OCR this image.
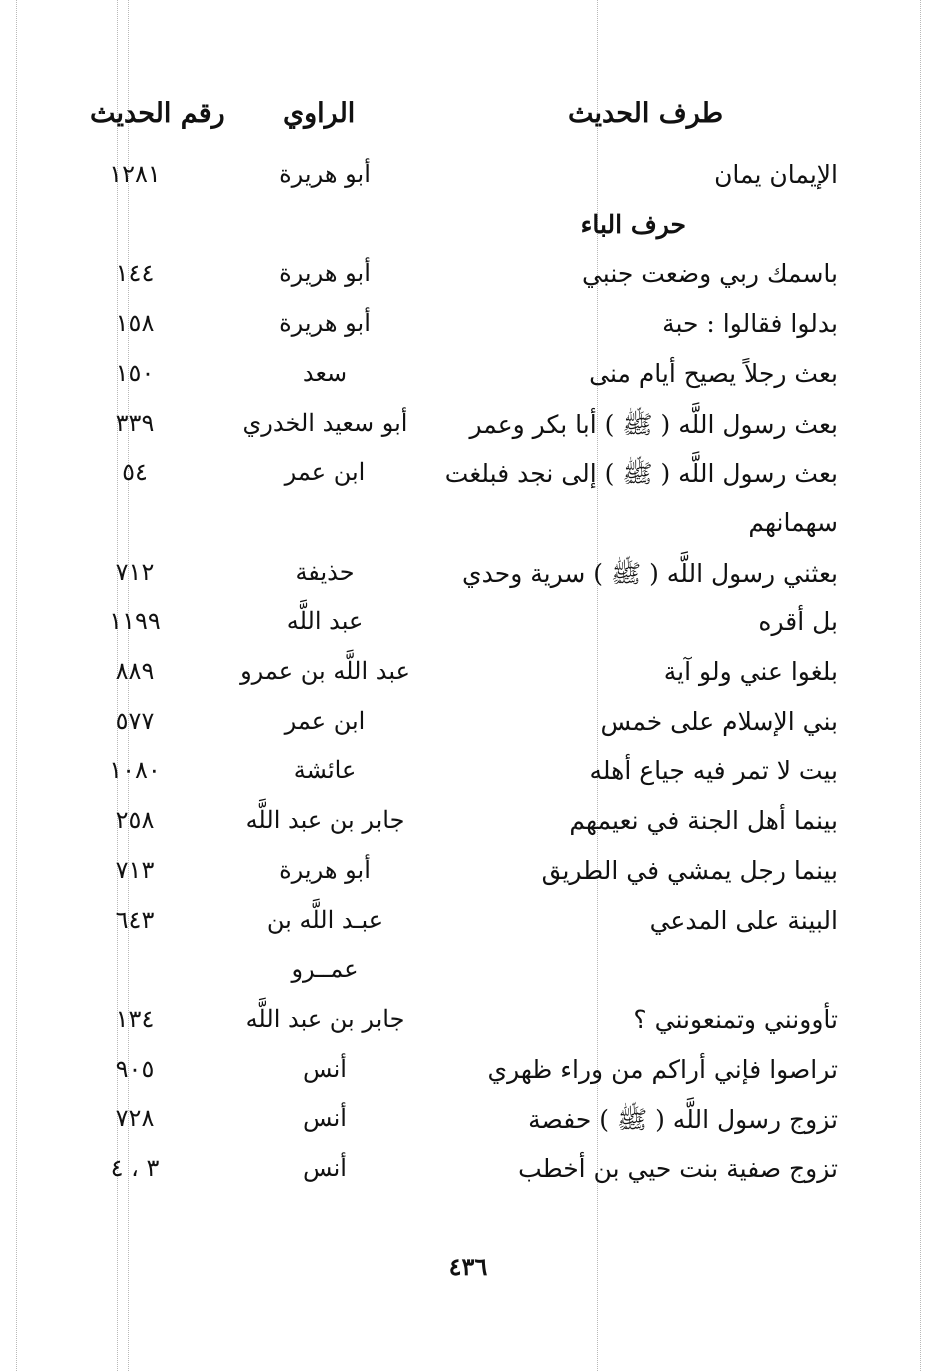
طرف الحديث
الراوي
رقم الحديث
الإيمان يمان
أبو هريرة
١٢٨١
حرف الباء
باسمك ربي وضعت جنبي
أبو هريرة
١٤٤
بدلوا فقالوا : حبة
أبو هريرة
١٥٨
بعث رجلاً يصيح أيام منى
سعد
١٥٠
بعث رسول اللَّه ( ﷺ ) أبا بكر وعمر
أبو سعيد الخدري
٣٣٩
بعث رسول اللَّه ( ﷺ ) إلى نجد فبلغت
ابن عمر
٥٤
سهمانهم
بعثني رسول اللَّه ( ﷺ ) سرية وحدي
حذيفة
٧١٢
بل أقره
عبد اللَّه
١١٩٩
بلغوا عني ولو آية
عبد اللَّه بن عمرو
٨٨٩
بني الإسلام على خمس
ابن عمر
٥٧٧
بيت لا تمر فيه جياع أهله
عائشة
١٠٨٠
بينما أهل الجنة في نعيمهم
جابر بن عبد اللَّه
٢٥٨
بينما رجل يمشي في الطريق
أبو هريرة
٧١٣
البينة على المدعي
عبـد اللَّه بن
٦٤٣
عمــرو
تأوونني وتمنعونني ؟
جابر بن عبد اللَّه
١٣٤
تراصوا فإني أراكم من وراء ظهري
أنس
٩٠٥
تزوج رسول اللَّه ( ﷺ ) حفصة
أنس
٧٢٨
تزوج صفية بنت حيي بن أخطب
أنس
٣ ، ٤
٤٣٦
